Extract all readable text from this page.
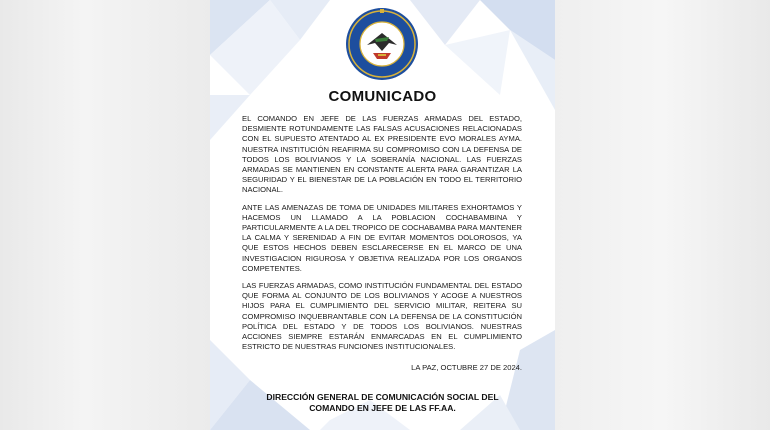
COMUNICADO

EL COMANDO EN JEFE DE LAS FUERZAS ARMADAS DEL ESTADO, DESMIENTE ROTUNDAMENTE LAS FALSAS ACUSACIONES RELACIONADAS CON EL SUPUESTO ATENTADO AL EX PRESIDENTE EVO MORALES AYMA. NUESTRA INSTITUCIÓN REAFIRMA SU COMPROMISO CON LA DEFENSA DE TODOS LOS BOLIVIANOS Y LA SOBERANÍA NACIONAL. LAS FUERZAS ARMADAS SE MANTIENEN EN CONSTANTE ALERTA PARA GARANTIZAR LA SEGURIDAD Y EL BIENESTAR DE LA POBLACIÓN EN TODO EL TERRITORIO NACIONAL.

ANTE LAS AMENAZAS DE TOMA DE UNIDADES MILITARES EXHORTAMOS Y HACEMOS UN LLAMADO A LA POBLACION COCHABAMBINA Y PARTICULARMENTE A LA DEL TROPICO DE COCHABAMBA PARA MANTENER LA CALMA Y SERENIDAD A FIN DE EVITAR MOMENTOS DOLOROSOS, YA QUE ESTOS HECHOS DEBEN ESCLARECERSE EN EL MARCO DE UNA INVESTIGACION RIGUROSA Y OBJETIVA REALIZADA POR LOS ORGANOS COMPETENTES.

LAS FUERZAS ARMADAS, COMO INSTITUCIÓN FUNDAMENTAL DEL ESTADO QUE FORMA AL CONJUNTO DE LOS BOLIVIANOS Y ACOGE A NUESTROS HIJOS PARA EL CUMPLIMIENTO DEL SERVICIO MILITAR, REITERA SU COMPROMISO INQUEBRANTABLE CON LA DEFENSA DE LA CONSTITUCIÓN POLÍTICA DEL ESTADO Y DE TODOS LOS BOLIVIANOS. NUESTRAS ACCIONES SIEMPRE ESTARÁN ENMARCADAS EN EL CUMPLIMIENTO ESTRICTO DE NUESTRAS FUNCIONES INSTITUCIONALES.

LA PAZ, OCTUBRE 27 DE 2024.
DIRECCIÓN GENERAL DE COMUNICACIÓN SOCIAL DEL
COMANDO EN JEFE DE LAS FF.AA.
